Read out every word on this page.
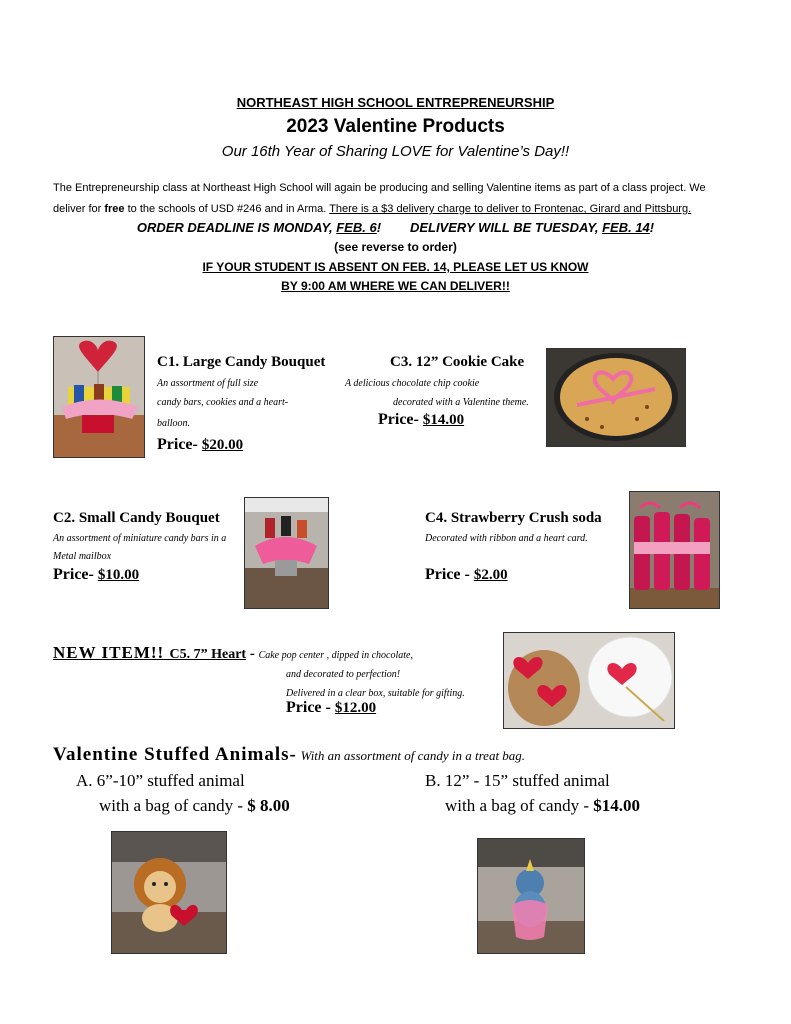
NORTHEAST HIGH SCHOOL ENTREPRENEURSHIP
2023 Valentine Products
Our 16th Year of Sharing LOVE for Valentine’s Day!!
The Entrepreneurship class at Northeast High School will again be producing and selling Valentine items as part of a class project. We
deliver for free to the schools of USD #246 and in Arma. There is a $3 delivery charge to deliver to Frontenac, Girard and Pittsburg.
ORDER DEADLINE IS MONDAY, FEB. 6! DELIVERY WILL BE TUESDAY, FEB. 14!
(see reverse to order)
IF YOUR STUDENT IS ABSENT ON FEB. 14, PLEASE LET US KNOW
BY 9:00 AM WHERE WE CAN DELIVER!!
C1. Large Candy Bouquet
An assortment of full size
candy bars, cookies and a heart-
balloon.
Price- $20.00
C3. 12” Cookie Cake
A delicious chocolate chip cookie
decorated with a Valentine theme.
Price- $14.00
C2. Small Candy Bouquet
An assortment of miniature candy bars in a
Metal mailbox
Price- $10.00
C4. Strawberry Crush soda
Decorated with ribbon and a heart card.
Price - $2.00
NEW ITEM!! C5. 7” Heart - Cake pop center , dipped in chocolate,
and decorated to perfection!
Delivered in a clear box, suitable for gifting.
Price - $12.00
Valentine Stuffed Animals- With an assortment of candy in a treat bag.
A. 6”-10” stuffed animal
with a bag of candy - $ 8.00
B. 12” - 15” stuffed animal
with a bag of candy - $14.00
